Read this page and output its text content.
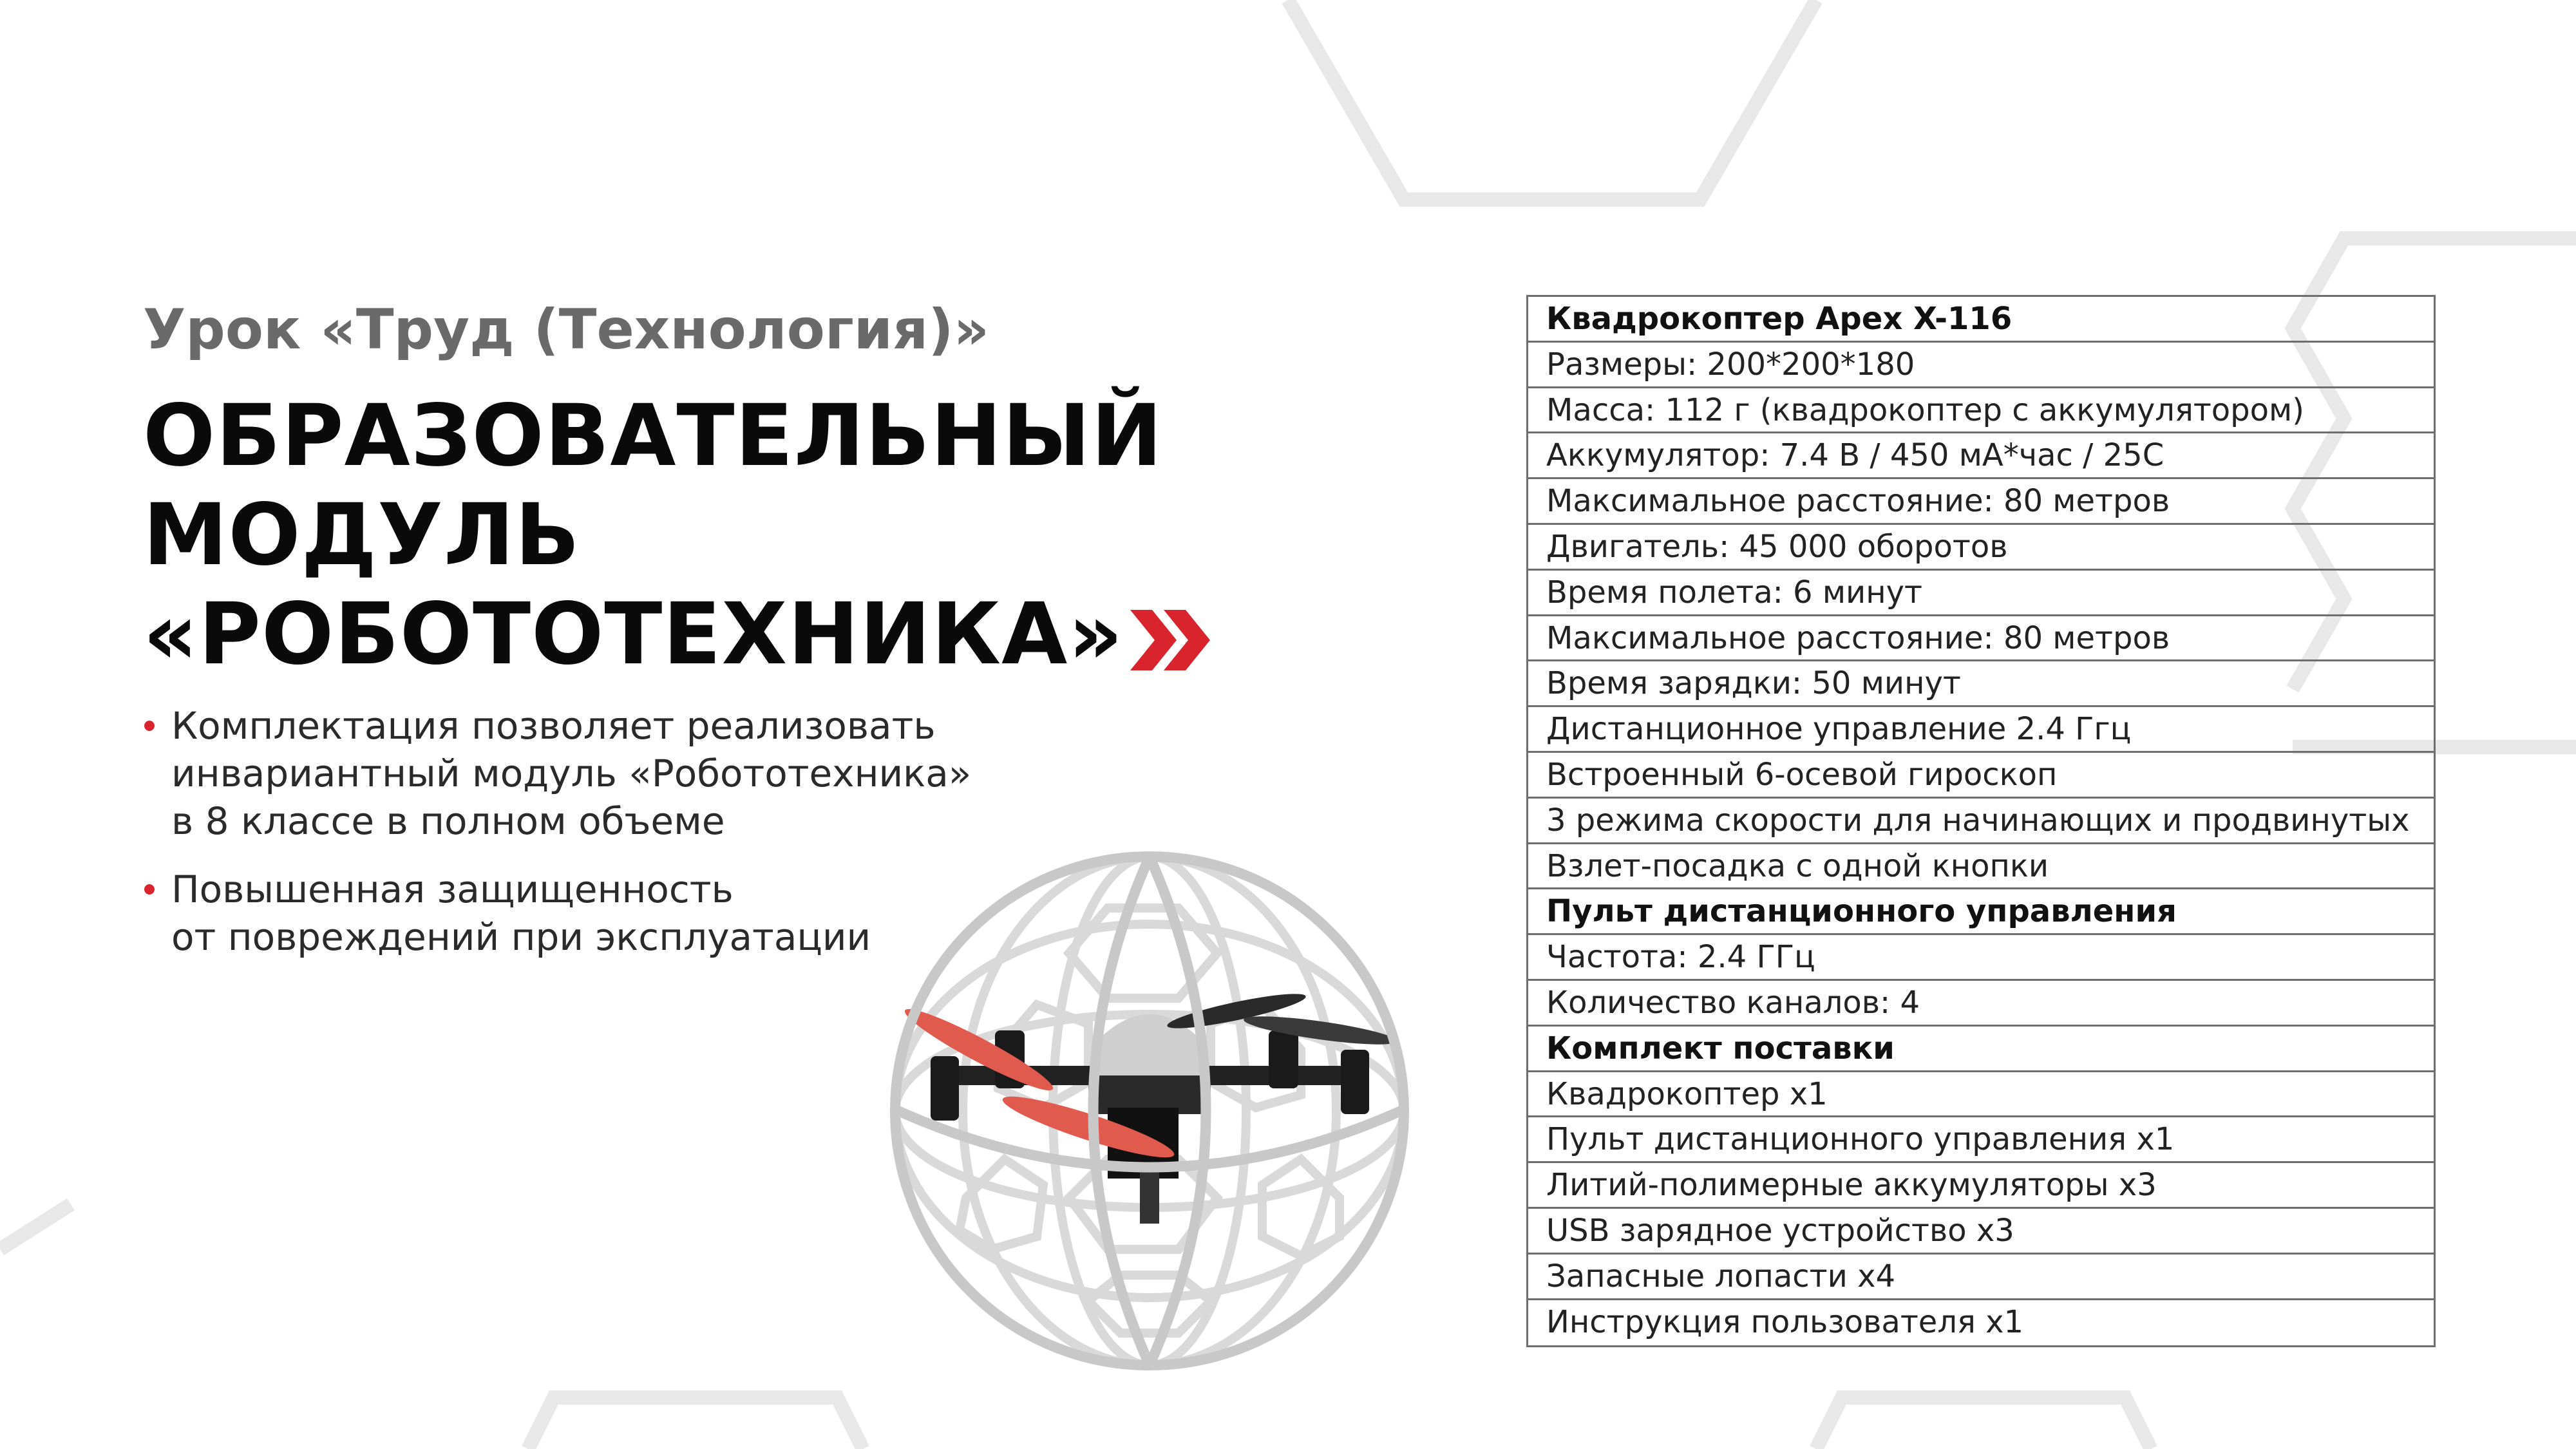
Урок «Труд (Технология)»
ОБРАЗОВАТЕЛЬНЫЙ
МОДУЛЬ
«РОБОТОТЕХНИКА»
Комплектация позволяет реализовать
инвариантный модуль «Робототехника»
в 8 классе в полном объеме
Повышенная защищенность
от повреждений при эксплуатации
Квадрокоптер Apex X-116
Размеры: 200*200*180
Масса: 112 г (квадрокоптер с аккумулятором)
Аккумулятор: 7.4 В / 450 мА*час / 25С
Максимальное расстояние: 80 метров
Двигатель: 45 000 оборотов
Время полета: 6 минут
Максимальное расстояние: 80 метров
Время зарядки: 50 минут
Дистанционное управление 2.4 Ггц
Встроенный 6-осевой гироскоп
3 режима скорости для начинающих и продвинутых
Взлет-посадка с одной кнопки
Пульт дистанционного управления
Частота: 2.4 ГГц
Количество каналов: 4
Комплект поставки
Квадрокоптер х1
Пульт дистанционного управления х1
Литий-полимерные аккумуляторы х3
USB зарядное устройство х3
Запасные лопасти х4
Инструкция пользователя х1
